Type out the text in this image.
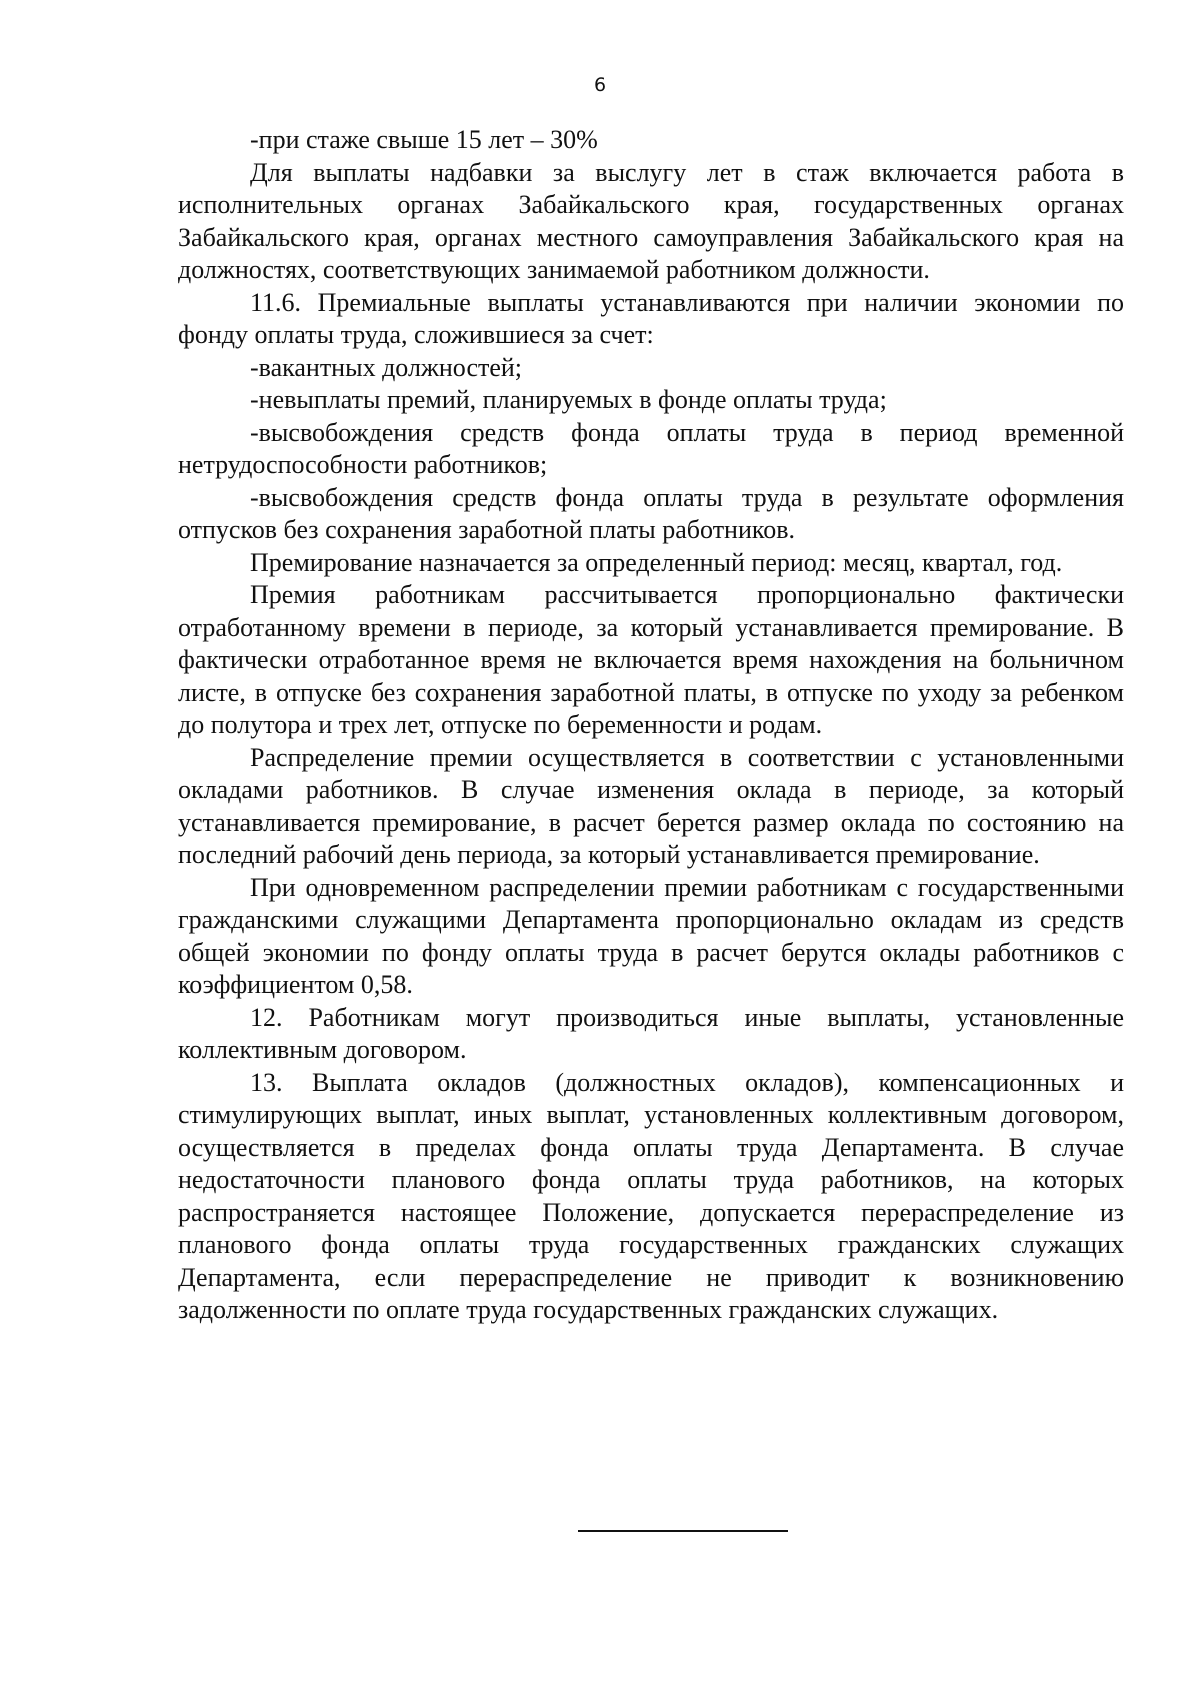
6

-при стаже свыше 15 лет – 30%

Для выплаты надбавки за выслугу лет в стаж включается работа в исполнительных органах Забайкальского края, государственных органах Забайкальского края, органах местного самоуправления Забайкальского края на должностях, соответствующих занимаемой работником должности.

11.6. Премиальные выплаты устанавливаются при наличии экономии по фонду оплаты труда, сложившиеся за счет:

-вакантных должностей;

-невыплаты премий, планируемых в фонде оплаты труда;

-высвобождения средств фонда оплаты труда в период временной нетрудоспособности работников;

-высвобождения средств фонда оплаты труда в результате оформления отпусков без сохранения заработной платы работников.

Премирование назначается за определенный период: месяц, квартал, год.

Премия работникам рассчитывается пропорционально фактически отработанному времени в периоде, за который устанавливается премирование. В фактически отработанное время не включается время нахождения на больничном листе, в отпуске без сохранения заработной платы, в отпуске по уходу за ребенком до полутора и трех лет, отпуске по беременности и родам.

Распределение премии осуществляется в соответствии с установленными окладами работников. В случае изменения оклада в периоде, за который устанавливается премирование, в расчет берется размер оклада по состоянию на последний рабочий день периода, за который устанавливается премирование.

При одновременном распределении премии работникам с государственными гражданскими служащими Департамента пропорционально окладам из средств общей экономии по фонду оплаты труда в расчет берутся оклады работников с коэффициентом 0,58.

12. Работникам могут производиться иные выплаты, установленные коллективным договором.

13. Выплата окладов (должностных окладов), компенсационных и стимулирующих выплат, иных выплат, установленных коллективным договором, осуществляется в пределах фонда оплаты труда Департамента. В случае недостаточности планового фонда оплаты труда работников, на которых распространяется настоящее Положение, допускается перераспределение из планового фонда оплаты труда государственных гражданских служащих Департамента, если перераспределение не приводит к возникновению задолженности по оплате труда государственных гражданских служащих.
